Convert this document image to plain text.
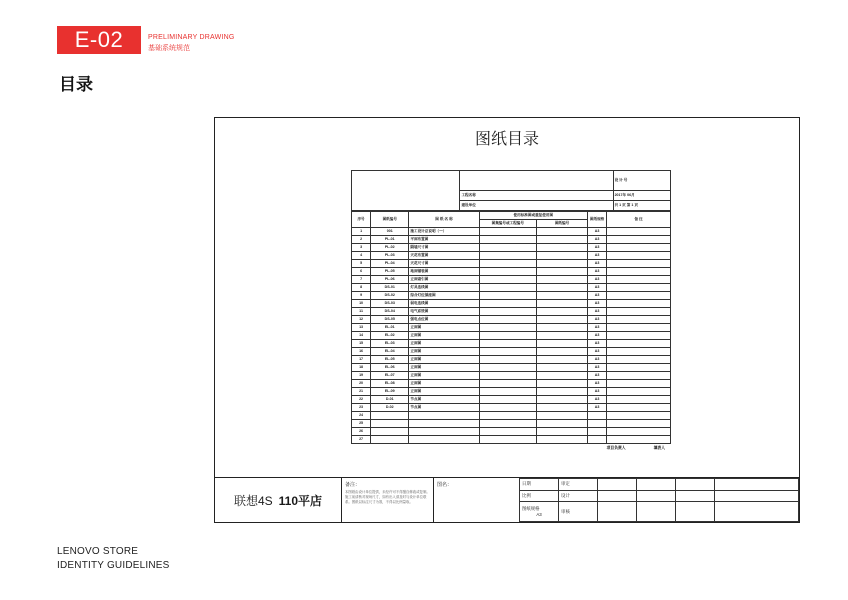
E-02	PRELIMINARY DRAWING
基础系统规范
目录
图纸目录
		设 计 号
	工程名称	2017年 06月
	建设单位	共 1 页 第 1 页
序号	图纸编号	图 纸 名 称	使用标准图或重复使用图		图纸规格	备 注
			图集编号或工程编号	图纸编号		
1	001	施工设计总说明（一）			A3	
2	PL-01	平面布置图			A3	
3	PL-02	隔墙尺寸图			A3	
4	PL-03	天花布置图			A3	
5	PL-04	天花尺寸图			A3	
6	PL-05	地面铺装图			A3	
7	PL-06	立面索引图			A3	
8	DS-01	灯具连线图			A3	
9	DS-02	综合灯位插座图			A3	
10	DS-03	弱电连线图			A3	
11	DS-04	电气系统图			A3	
12	DS-05	强电点位图			A3	
13	EL-01	立面图			A3	
14	EL-02	立面图			A3	
15	EL-03	立面图			A3	
16	EL-04	立面图			A3	
17	EL-05	立面图			A3	
18	EL-06	立面图			A3	
19	EL-07	立面图			A3	
20	EL-08	立面图			A3	
21	EL-09	立面图			A3	
22	D-01	节点图			A3	
23	D-02	节点图			A3	
24						
25						
26						
27						
项目负责人	填表人
联想4S 110平店
备注：
本图纸由设计单位提供，未经许可不得擅自修改或复制。施工前请核对现场尺寸，如有出入请及时与设计单位联系。图纸以标注尺寸为准，不得以比例量取。
图名：	日期	审定				
比例	设计				

图纸规格
A3	审核				
LENOVO STORE
IDENTITY GUIDELINES
